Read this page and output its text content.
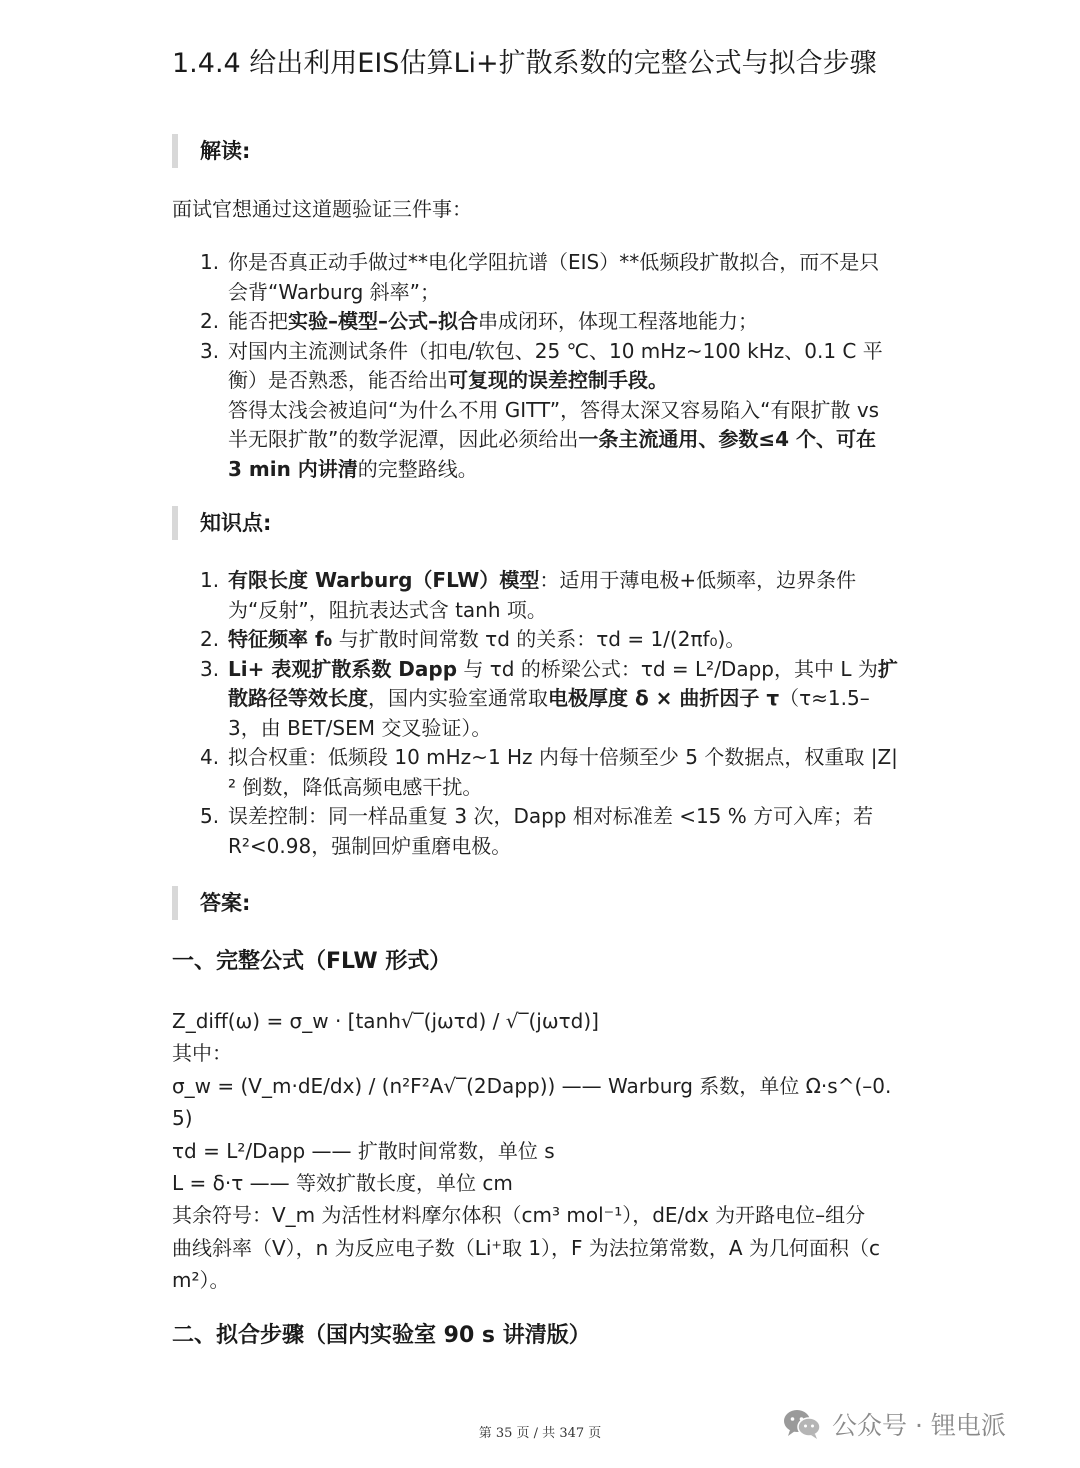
1.4.4 给出利用EIS估算Li+扩散系数的完整公式与拟合步骤
解读:
面试官想通过这道题验证三件事：
1. 你是否真正动手做过**电化学阻抗谱（EIS）**低频段扩散拟合，而不是只
会背“Warburg 斜率”；
2. 能否把实验–模型–公式–拟合串成闭环，体现工程落地能力；
3. 对国内主流测试条件（扣电/软包、25 ℃、10 mHz~100 kHz、0.1 C 平
衡）是否熟悉，能否给出可复现的误差控制手段。
答得太浅会被追问“为什么不用 GITT”，答得太深又容易陷入“有限扩散 vs
半无限扩散”的数学泥潭，因此必须给出一条主流通用、参数≤4 个、可在
3 min 内讲清的完整路线。
知识点:
1. 有限长度 Warburg（FLW）模型：适用于薄电极+低频率，边界条件
为“反射”，阻抗表达式含 tanh 项。
2. 特征频率 f₀ 与扩散时间常数 τd 的关系：τd = 1/(2πf₀)。
3. Li+ 表观扩散系数 Dapp 与 τd 的桥梁公式：τd = L²/Dapp，其中 L 为扩
散路径等效长度，国内实验室通常取电极厚度 δ × 曲折因子 τ（τ≈1.5–
3，由 BET/SEM 交叉验证）。
4. 拟合权重：低频段 10 mHz~1 Hz 内每十倍频至少 5 个数据点，权重取 |Z|
² 倒数，降低高频电感干扰。
5. 误差控制：同一样品重复 3 次，Dapp 相对标准差 <15 % 方可入库；若
R²<0.98，强制回炉重磨电极。
答案:
一、完整公式（FLW 形式）
Z_diff(ω) = σ_w · [tanh√‾(jωτd) / √‾(jωτd)]
其中：
σ_w = (V_m·dE/dx) / (n²F²A√‾(2Dapp)) —— Warburg 系数，单位 Ω·s^(–0.
5)
τd = L²/Dapp —— 扩散时间常数，单位 s
L = δ·τ —— 等效扩散长度，单位 cm
其余符号：V_m 为活性材料摩尔体积（cm³ mol⁻¹），dE/dx 为开路电位–组分
曲线斜率（V），n 为反应电子数（Li⁺取 1），F 为法拉第常数，A 为几何面积（c
m²）。
二、拟合步骤（国内实验室 90 s 讲清版）
第 35 页 / 共 347 页	公众号 · 锂电派
